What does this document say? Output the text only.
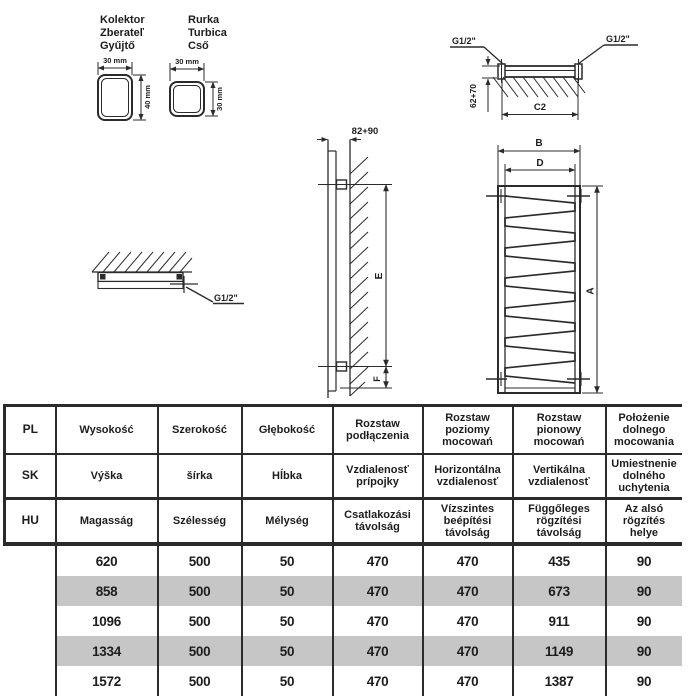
Kolektor
Zberateľ
Gyűjtő
Rurka
Turbica
Cső
30 mm
40 mm
30 mm
30 mm
G1/2"	G1/2"
62+70	C2
82+90
E
F
B
D
A
G1/2"
PL	Wysokość	Szerokość	Głębokość	Rozstaw podłączenia	Rozstaw poziomy mocowań	Rozstaw pionowy mocowań	Położenie dolnego mocowania
SK	Výška	šírka	Hĺbka	Vzdialenosť prípojky	Horizontálna vzdialenosť	Vertikálna vzdialenosť	Umiestnenie dolného uchytenia
HU	Magasság	Szélesség	Mélység	Csatlakozási távolság	Vízszintes beépítési távolság	Függőleges rögzítési távolság	Az alsó rögzítés helye
	620	500	50	470	470	435	90
	858	500	50	470	470	673	90
	1096	500	50	470	470	911	90
	1334	500	50	470	470	1149	90
	1572	500	50	470	470	1387	90
